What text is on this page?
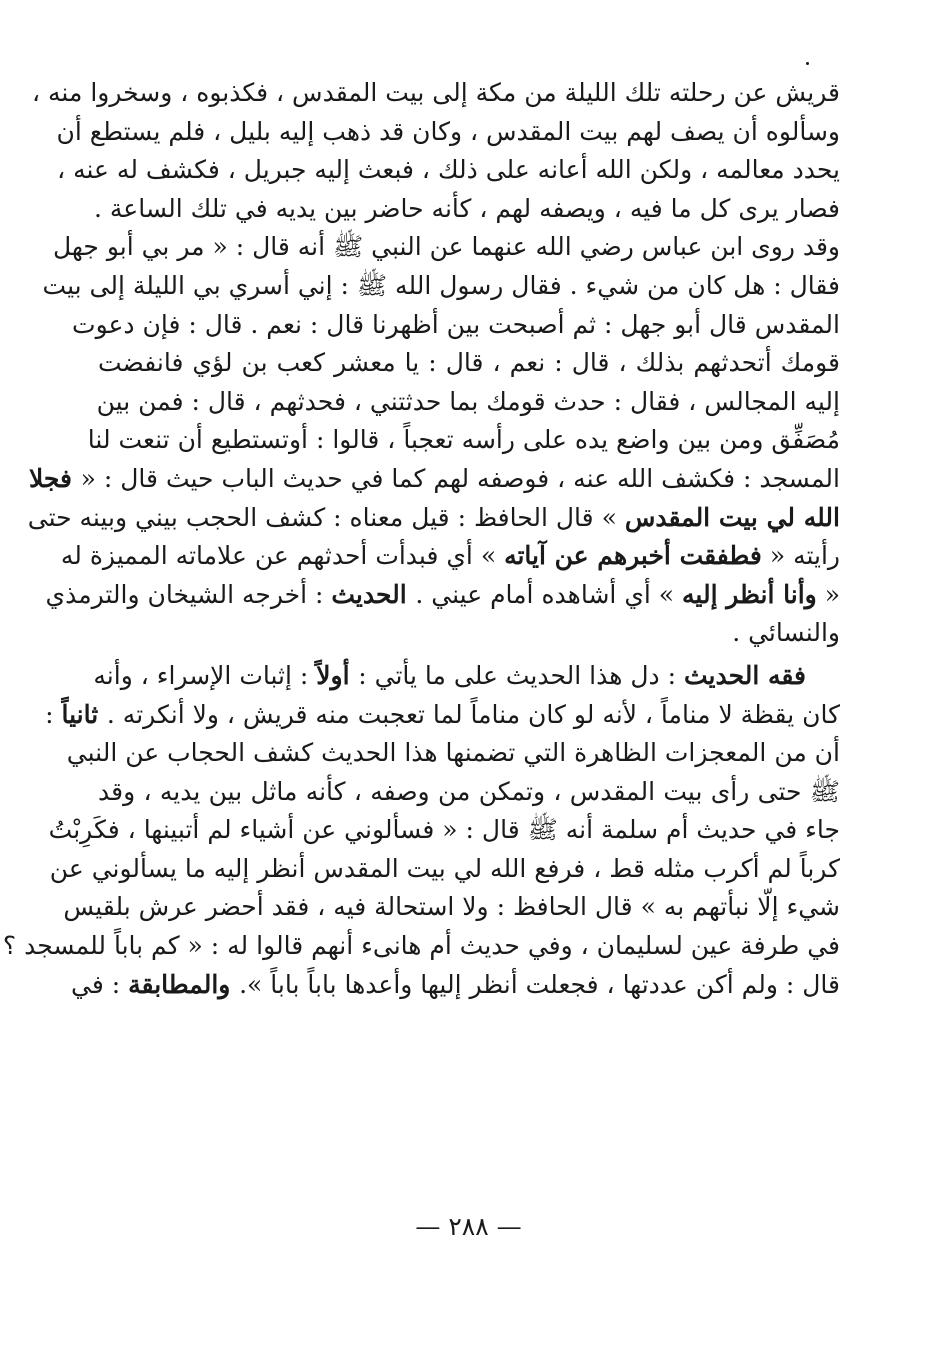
قريش عن رحلته تلك الليلة من مكة إلى بيت المقدس ، فكذبوه ، وسخروا منه ،
وسألوه أن يصف لهم بيت المقدس ، وكان قد ذهب إليه بليل ، فلم يستطع أن
يحدد معالمه ، ولكن الله أعانه على ذلك ، فبعث إليه جبريل ، فكشف له عنه ،
فصار يرى كل ما فيه ، ويصفه لهم ، كأنه حاضر بين يديه في تلك الساعة .
وقد روى ابن عباس رضي الله عنهما عن النبي ﷺ أنه قال : « مر بي أبو جهل
فقال : هل كان من شيء . فقال رسول الله ﷺ : إني أسري بي الليلة إلى بيت
المقدس قال أبو جهل : ثم أصبحت بين أظهرنا قال : نعم . قال : فإن دعوت
قومك أتحدثهم بذلك ، قال : نعم ، قال : يا معشر كعب بن لؤي فانفضت
إليه المجالس ، فقال : حدث قومك بما حدثتني ، فحدثهم ، قال : فمن بين
مُصَفِّق ومن بين واضع يده على رأسه تعجباً ، قالوا : أوتستطيع أن تنعت لنا
المسجد : فكشف الله عنه ، فوصفه لهم كما في حديث الباب حيث قال : « فجلا
الله لي بيت المقدس » قال الحافظ : قيل معناه : كشف الحجب بيني وبينه حتى
رأيته « فطفقت أخبرهم عن آياته » أي فبدأت أحدثهم عن علاماته المميزة له
« وأنا أنظر إليه » أي أشاهده أمام عيني . الحديث : أخرجه الشيخان والترمذي
والنسائي .
فقه الحديث : دل هذا الحديث على ما يأتي : أولاً : إثبات الإسراء ، وأنه
كان يقظة لا مناماً ، لأنه لو كان مناماً لما تعجبت منه قريش ، ولا أنكرته . ثانياً :
أن من المعجزات الظاهرة التي تضمنها هذا الحديث كشف الحجاب عن النبي
ﷺ حتى رأى بيت المقدس ، وتمكن من وصفه ، كأنه ماثل بين يديه ، وقد
جاء في حديث أم سلمة أنه ﷺ قال : « فسألوني عن أشياء لم أتبينها ، فكَرِبْتُ
كرباً لم أكرب مثله قط ، فرفع الله لي بيت المقدس أنظر إليه ما يسألوني عن
شيء إلّا نبأتهم به » قال الحافظ : ولا استحالة فيه ، فقد أحضر عرش بلقيس
في طرفة عين لسليمان ، وفي حديث أم هانىء أنهم قالوا له : « كم باباً للمسجد ؟
قال : ولم أكن عددتها ، فجعلت أنظر إليها وأعدها باباً باباً ». والمطابقة : في
— ٢٨٨ —
